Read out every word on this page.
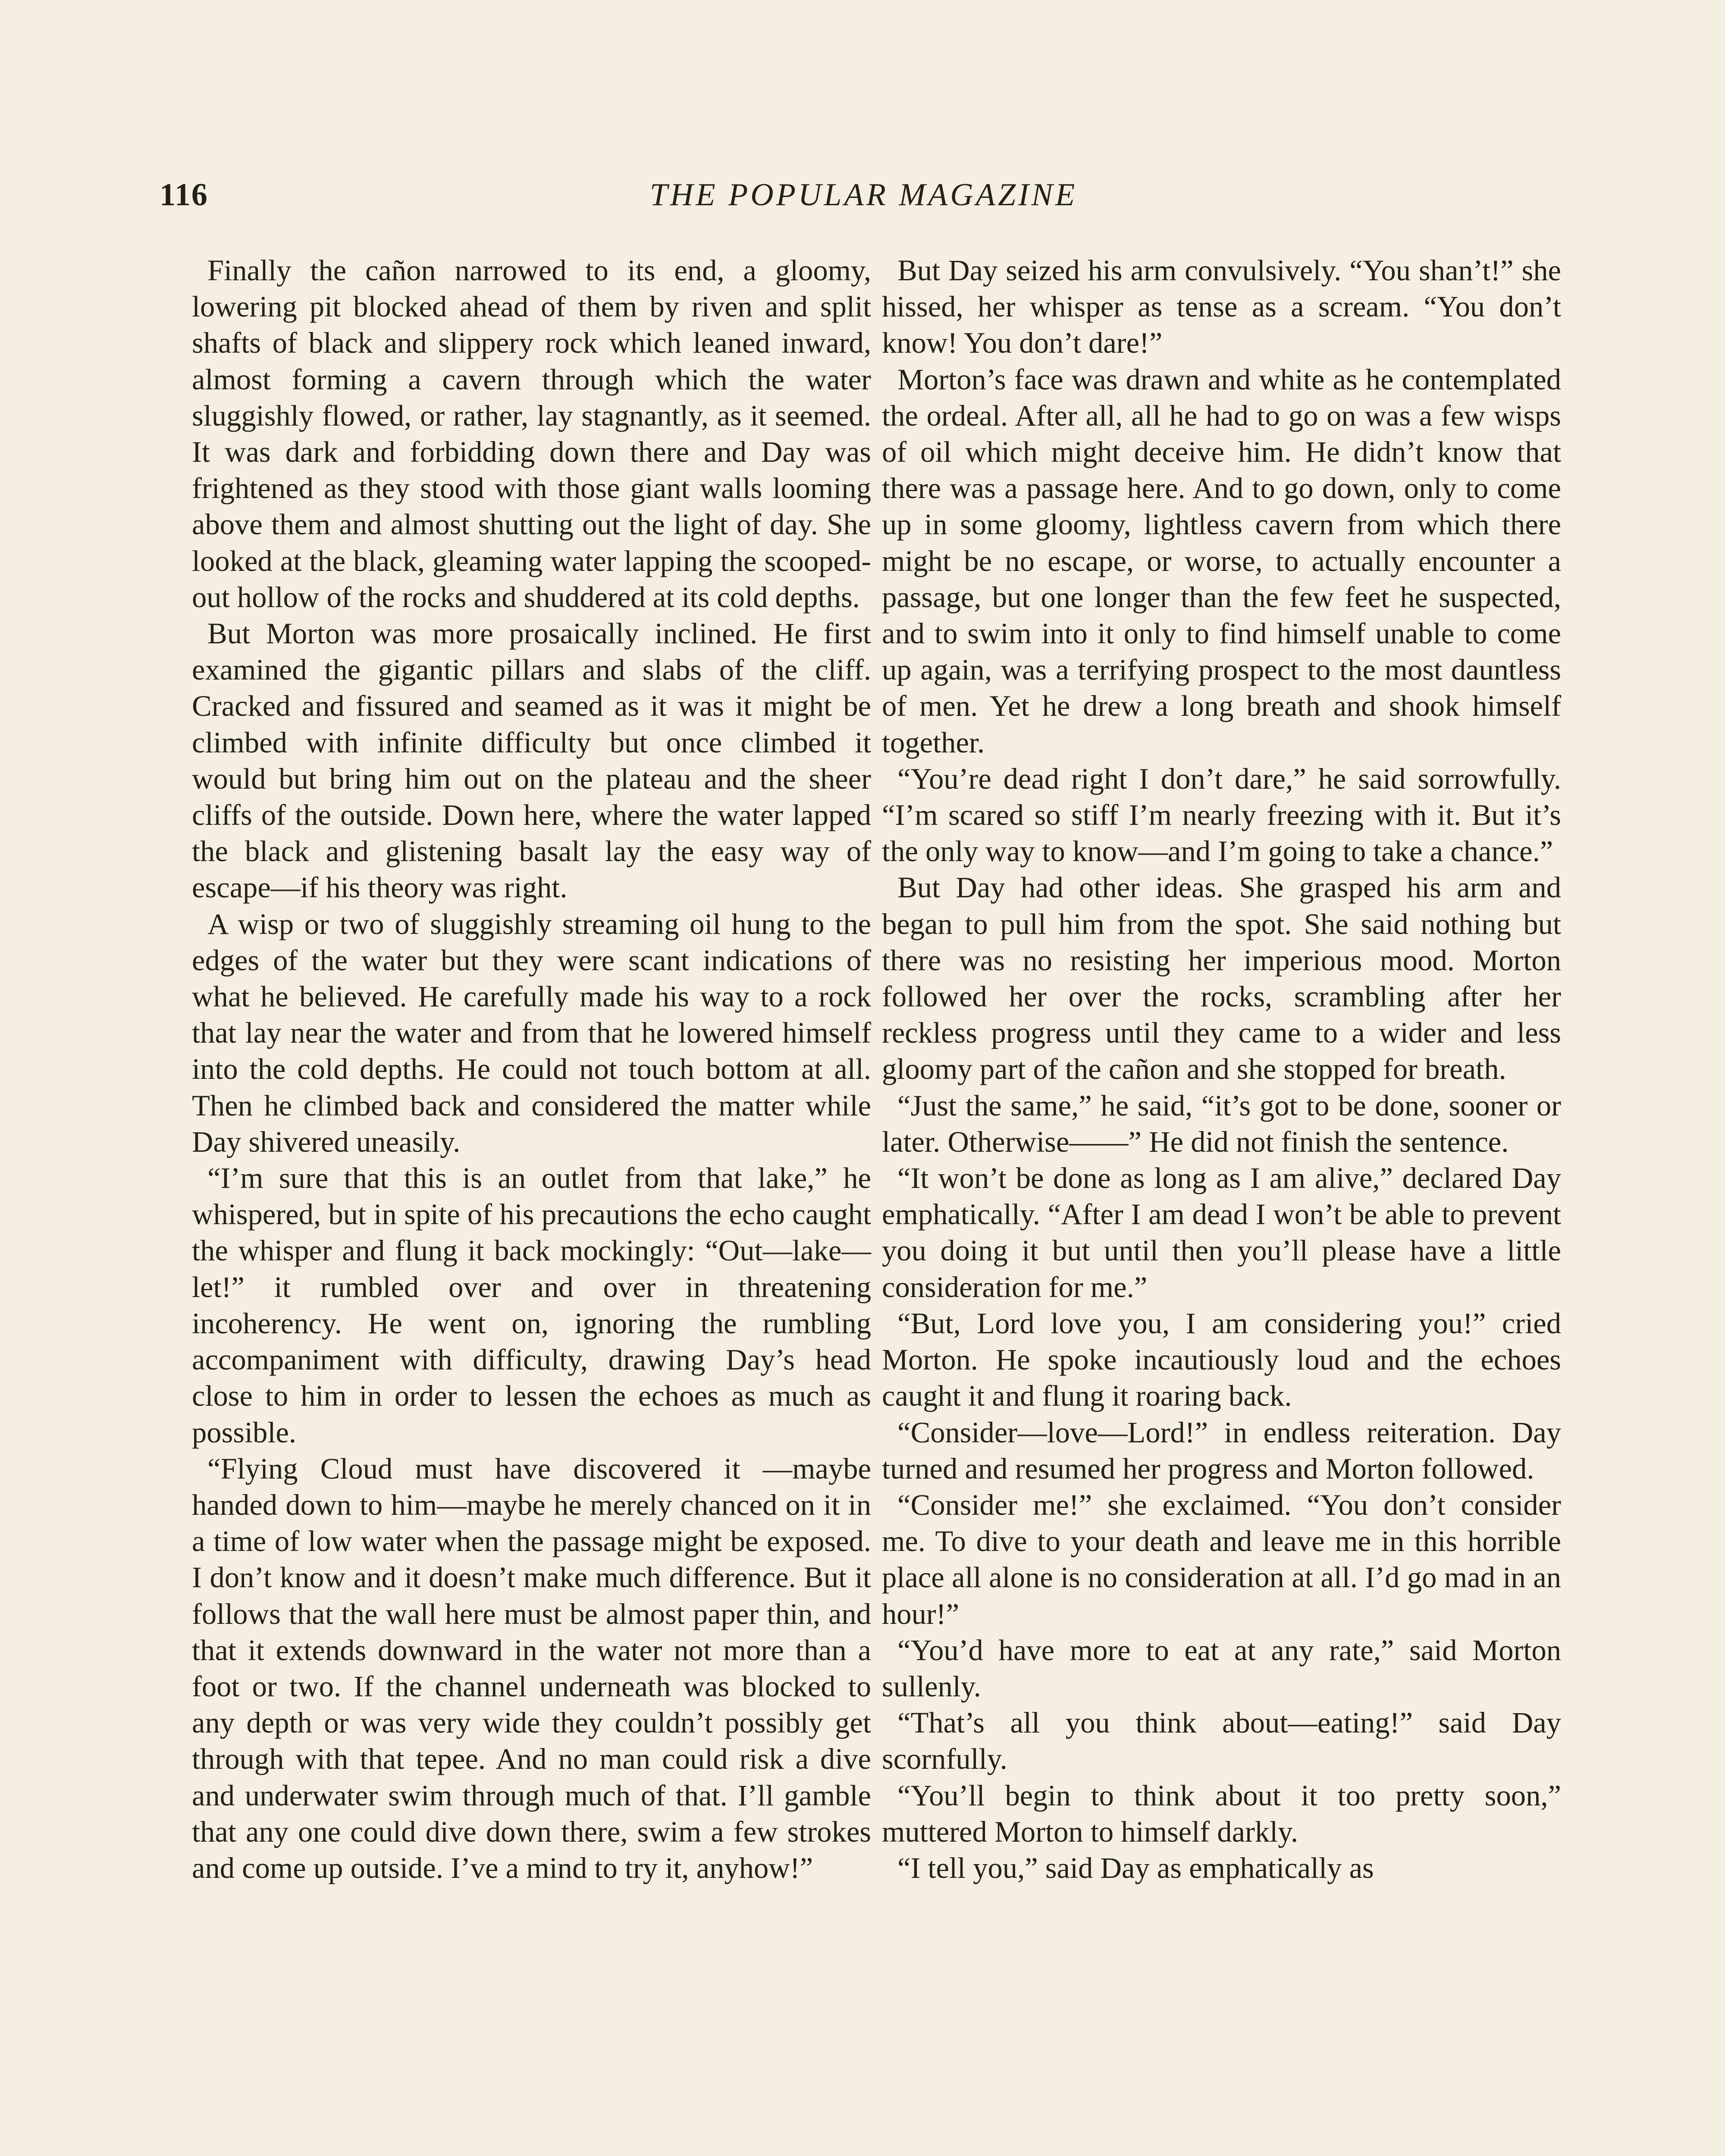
116	THE POPULAR MAGAZINE

Finally the cañon narrowed to its end, a gloomy, lowering pit blocked ahead of them by riven and split shafts of black and slippery rock which leaned inward, almost forming a cavern through which the water sluggishly flowed, or rather, lay stagnantly, as it seemed. It was dark and forbidding down there and Day was frightened as they stood with those giant walls looming above them and almost shutting out the light of day. She looked at the black, gleaming water lapping the scooped-out hollow of the rocks and shuddered at its cold depths.

But Morton was more prosaically inclined. He first examined the gigantic pillars and slabs of the cliff. Cracked and fissured and seamed as it was it might be climbed with infinite difficulty but once climbed it would but bring him out on the plateau and the sheer cliffs of the outside. Down here, where the water lapped the black and glistening basalt lay the easy way of escape—if his theory was right.

A wisp or two of sluggishly streaming oil hung to the edges of the water but they were scant indications of what he believed. He carefully made his way to a rock that lay near the water and from that he lowered himself into the cold depths. He could not touch bottom at all. Then he climbed back and considered the matter while Day shivered uneasily.

“I’m sure that this is an outlet from that lake,” he whispered, but in spite of his precautions the echo caught the whisper and flung it back mockingly: “Out—lake—let!” it rumbled over and over in threatening incoherency. He went on, ignoring the rumbling accompaniment with difficulty, drawing Day’s head close to him in order to lessen the echoes as much as possible.

“Flying Cloud must have discovered it —maybe handed down to him—maybe he merely chanced on it in a time of low water when the passage might be exposed. I don’t know and it doesn’t make much difference. But it follows that the wall here must be almost paper thin, and that it extends downward in the water not more than a foot or two. If the channel underneath was blocked to any depth or was very wide they couldn’t possibly get through with that tepee. And no man could risk a dive and underwater swim through much of that. I’ll gamble that any one could dive down there, swim a few strokes and come up outside. I’ve a mind to try it, anyhow!”

But Day seized his arm convulsively. “You shan’t!” she hissed, her whisper as tense as a scream. “You don’t know! You don’t dare!”

Morton’s face was drawn and white as he contemplated the ordeal. After all, all he had to go on was a few wisps of oil which might deceive him. He didn’t know that there was a passage here. And to go down, only to come up in some gloomy, lightless cavern from which there might be no escape, or worse, to actually encounter a passage, but one longer than the few feet he suspected, and to swim into it only to find himself unable to come up again, was a terrifying prospect to the most dauntless of men. Yet he drew a long breath and shook himself together.

“You’re dead right I don’t dare,” he said sorrowfully. “I’m scared so stiff I’m nearly freezing with it. But it’s the only way to know—and I’m going to take a chance.”

But Day had other ideas. She grasped his arm and began to pull him from the spot. She said nothing but there was no resisting her imperious mood. Morton followed her over the rocks, scrambling after her reckless progress until they came to a wider and less gloomy part of the cañon and she stopped for breath.

“Just the same,” he said, “it’s got to be done, sooner or later. Otherwise——” He did not finish the sentence.

“It won’t be done as long as I am alive,” declared Day emphatically. “After I am dead I won’t be able to prevent you doing it but until then you’ll please have a little consideration for me.”

“But, Lord love you, I am considering you!” cried Morton. He spoke incautiously loud and the echoes caught it and flung it roaring back.

“Consider—love—Lord!” in endless reiteration. Day turned and resumed her progress and Morton followed.

“Consider me!” she exclaimed. “You don’t consider me. To dive to your death and leave me in this horrible place all alone is no consideration at all. I’d go mad in an hour!”

“You’d have more to eat at any rate,” said Morton sullenly.

“That’s all you think about—eating!” said Day scornfully.

“You’ll begin to think about it too pretty soon,” muttered Morton to himself darkly.

“I tell you,” said Day as emphatically as
